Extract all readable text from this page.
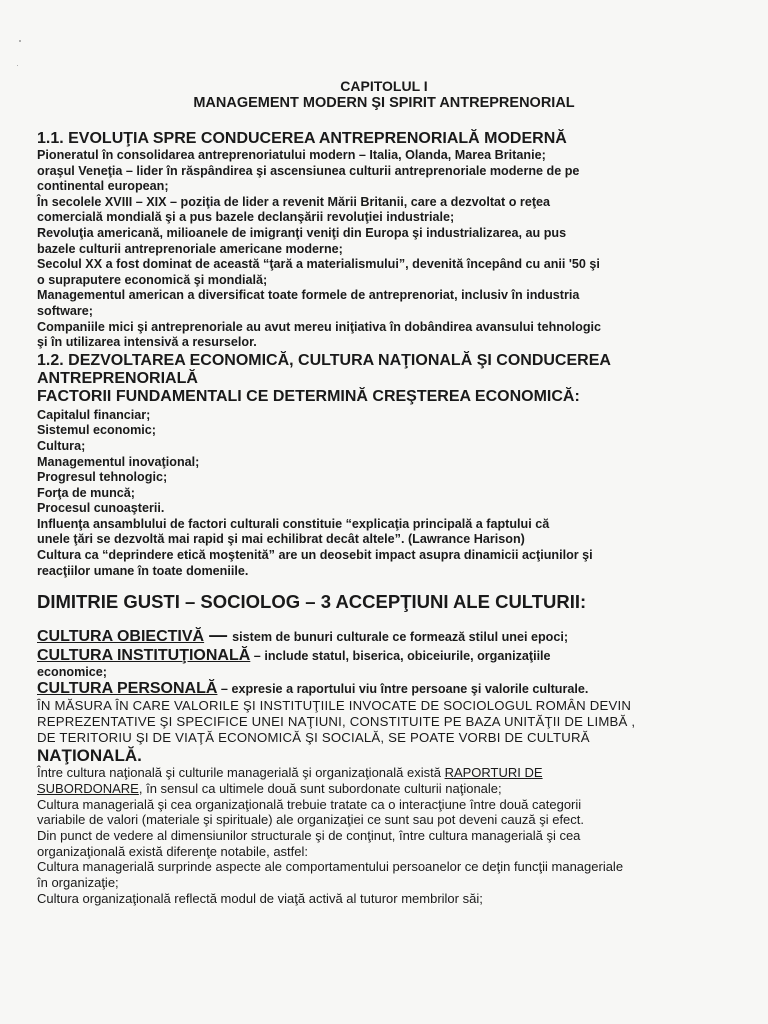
CAPITOLUL I
MANAGEMENT MODERN ŞI SPIRIT ANTREPRENORIAL
1.1. EVOLUŢIA SPRE CONDUCEREA ANTREPRENORIALĂ MODERNĂ
Pioneratul în consolidarea antreprenoriatului modern – Italia, Olanda, Marea Britanie;
oraşul Veneţia – lider în răspândirea şi ascensiunea culturii antreprenoriale moderne de pe
continental european;
În secolele XVIII – XIX – poziţia de lider a revenit Mării Britanii, care a dezvoltat o reţea
comercială mondială şi a pus bazele declanşării revoluţiei industriale;
Revoluţia americană, milioanele de imigranţi veniţi din Europa şi industrializarea, au pus
bazele culturii antreprenoriale americane moderne;
Secolul XX a fost dominat de această “ţară a materialismului”, devenită începând cu anii '50 şi
o supraputere economică şi mondială;
Managementul american a diversificat toate formele de antreprenoriat, inclusiv în industria
software;
Companiile mici şi antreprenoriale au avut mereu iniţiativa în dobândirea avansului tehnologic
şi în utilizarea intensivă a resurselor.
1.2. DEZVOLTAREA ECONOMICĂ, CULTURA NAŢIONALĂ ŞI CONDUCEREA
ANTREPRENORIALĂ
FACTORII FUNDAMENTALI CE DETERMINĂ CREŞTEREA ECONOMICĂ:
Capitalul financiar;
Sistemul economic;
Cultura;
Managementul inovaţional;
Progresul tehnologic;
Forţa de muncă;
Procesul cunoaşterii.
Influenţa ansamblului de factori culturali constituie “explicaţia principală a faptului că
unele ţări se dezvoltă mai rapid şi mai echilibrat decât altele”. (Lawrance Harison)
Cultura ca “deprindere etică moştenită” are un deosebit impact asupra dinamicii acţiunilor şi
reacţiilor umane în toate domeniile.
DIMITRIE GUSTI – SOCIOLOG – 3 ACCEPŢIUNI ALE CULTURII:
CULTURA OBIECTIVĂ — sistem de bunuri culturale ce formează stilul unei epoci;
CULTURA INSTITUŢIONALĂ – include statul, biserica, obiceiurile, organizaţiile
economice;
CULTURA PERSONALĂ – expresie a raportului viu între persoane şi valorile culturale.
ÎN MĂSURA ÎN CARE VALORILE ŞI INSTITUŢIILE INVOCATE DE SOCIOLOGUL ROMÂN DEVIN
REPREZENTATIVE ŞI SPECIFICE UNEI NAŢIUNI, CONSTITUITE PE BAZA UNITĂŢII DE LIMBĂ ,
DE TERITORIU ŞI DE VIAŢĂ ECONOMICĂ ŞI SOCIALĂ, SE POATE VORBI DE CULTURĂ
NAŢIONALĂ.
Între cultura naţională şi culturile managerială şi organizaţională există RAPORTURI DE
SUBORDONARE, în sensul ca ultimele două sunt subordonate culturii naţionale;
Cultura managerială şi cea organizaţională trebuie tratate ca o interacţiune între două categorii
variabile de valori (materiale şi spirituale) ale organizaţiei ce sunt sau pot deveni cauză şi efect.
Din punct de vedere al dimensiunilor structurale şi de conţinut, între cultura managerială şi cea
organizaţională există diferenţe notabile, astfel:
Cultura managerială surprinde aspecte ale comportamentului persoanelor ce deţin funcţii manageriale
în organizaţie;
Cultura organizaţională reflectă modul de viaţă activă al tuturor membrilor săi;
